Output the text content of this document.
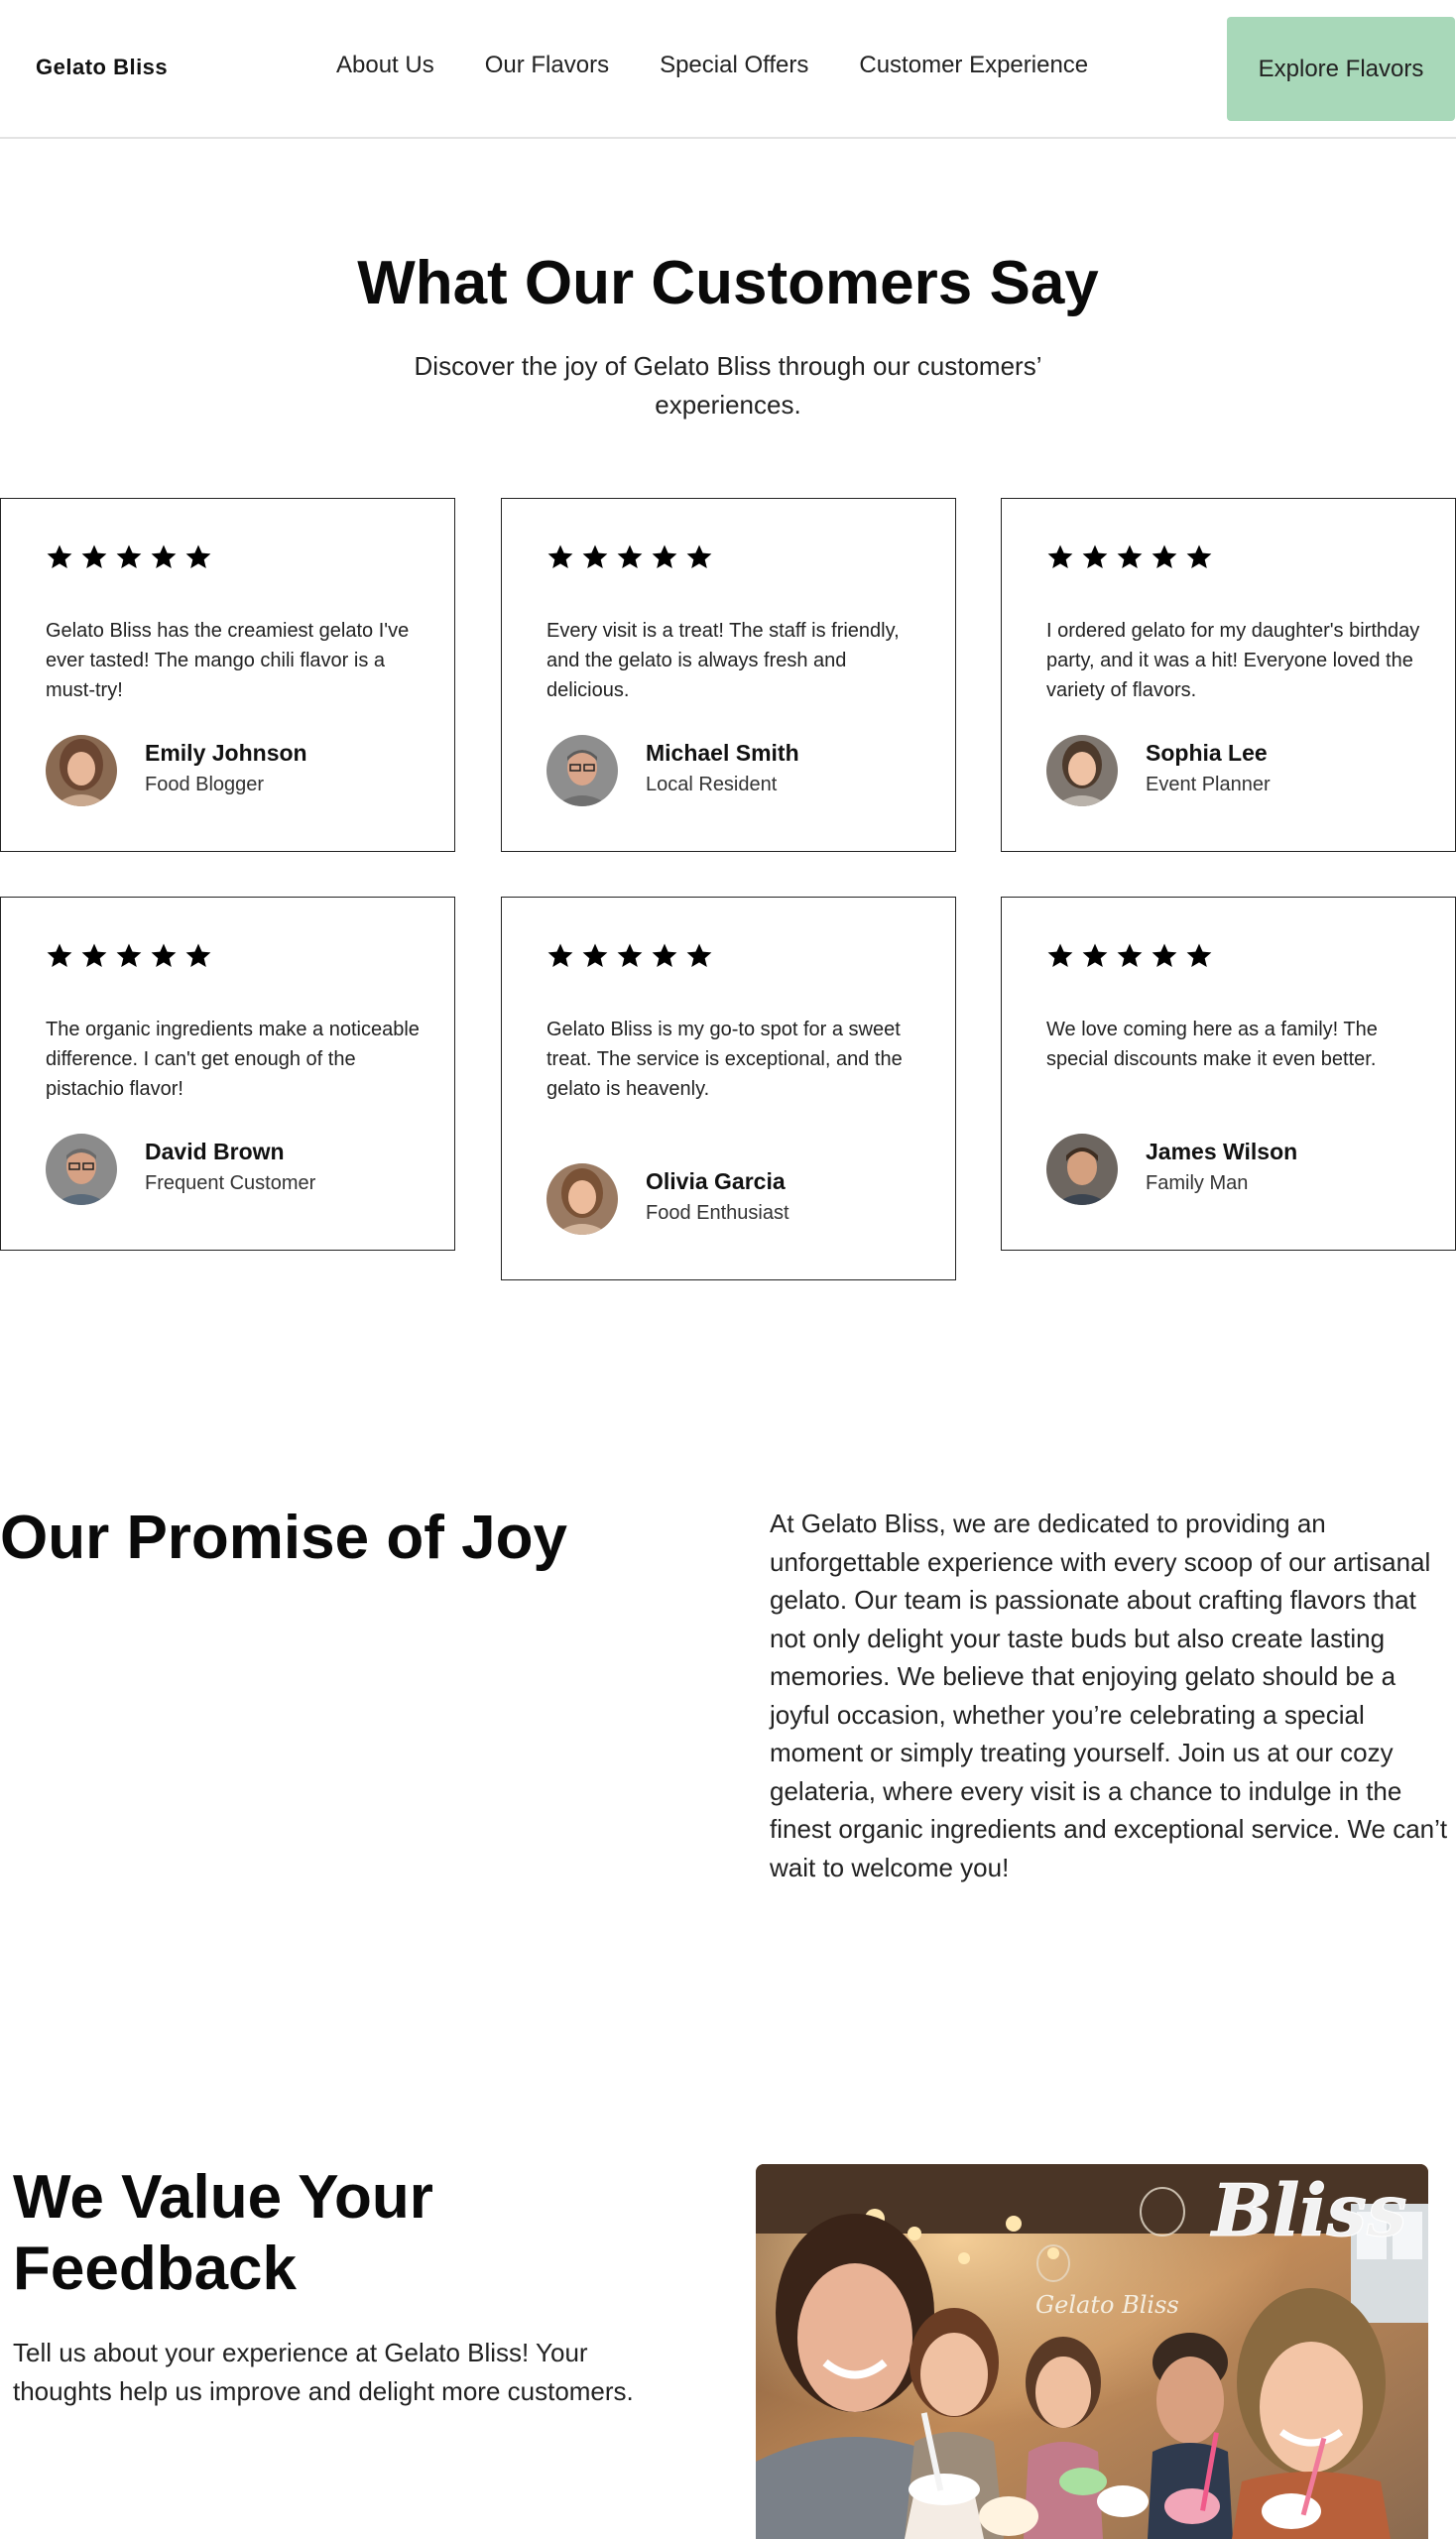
Gelato Bliss	About Us Our Flavors Special Offers Customer Experience	Explore Flavors
What Our Customers Say

Discover the joy of Gelato Bliss through our customers’ experiences.

Gelato Bliss has the creamiest gelato I've ever tasted! The mango chili flavor is a must-try!

Emily Johnson
Food Blogger

Every visit is a treat! The staff is friendly, and the gelato is always fresh and delicious.

Michael Smith
Local Resident

I ordered gelato for my daughter's birthday party, and it was a hit! Everyone loved the variety of flavors.

Sophia Lee
Event Planner

The organic ingredients make a noticeable difference. I can't get enough of the pistachio flavor!

David Brown
Frequent Customer

Gelato Bliss is my go-to spot for a sweet treat. The service is exceptional, and the gelato is heavenly.

Olivia Garcia
Food Enthusiast

We love coming here as a family! The special discounts make it even better.

James Wilson
Family Man
Our Promise of Joy	At Gelato Bliss, we are dedicated to providing an unforgettable experience with every scoop of our artisanal gelato. Our team is passionate about crafting flavors that not only delight your taste buds but also create lasting memories. We believe that enjoying gelato should be a joyful occasion, whether you’re celebrating a special moment or simply treating yourself. Join us at our cozy gelateria, where every visit is a chance to indulge in the finest organic ingredients and exceptional service. We can’t wait to welcome you!

We Value Your Feedback

Tell us about your experience at Gelato Bliss! Your thoughts help us improve and delight more customers.

Bliss
Gelato Bliss
